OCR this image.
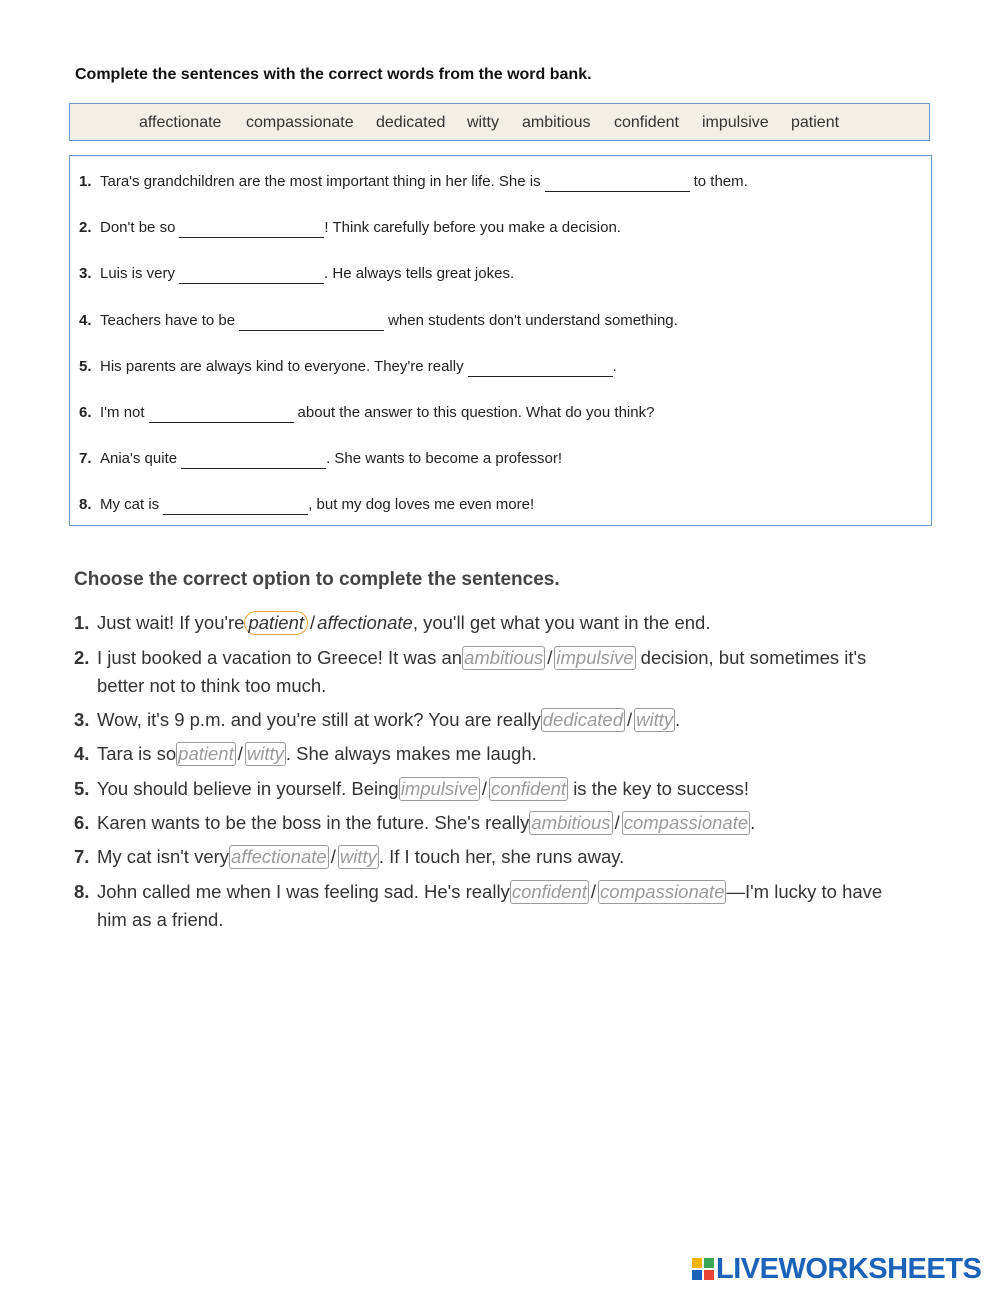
Complete the sentences with the correct words from the word bank.
affectionate compassionate dedicated witty ambitious confident impulsive patient
1. Tara's grandchildren are the most important thing in her life. She is	to them.
2. Don't be so	! Think carefully before you make a decision.
3. Luis is very	. He always tells great jokes.
4. Teachers have to be	when students don't understand something.
5. His parents are always kind to everyone. They're really	.
6. I'm not	about the answer to this question. What do you think?
7. Ania's quite	. She wants to become a professor!
8. My cat is	, but my dog loves me even more!
Choose the correct option to complete the sentences.
1. Just wait! If you're patient / affectionate, you'll get what you want in the end.
2. I just booked a vacation to Greece! It was an ambitious / impulsive decision, but sometimes it's
better not to think too much.
3. Wow, it's 9 p.m. and you're still at work? You are really dedicated / witty .
4. Tara is so patient / witty . She always makes me laugh.
5. You should believe in yourself. Being impulsive / confident is the key to success!
6. Karen wants to be the boss in the future. She's really ambitious / compassionate .
7. My cat isn't very affectionate / witty . If I touch her, she runs away.
8. John called me when I was feeling sad. He's really confident / compassionate —I'm lucky to have
him as a friend.
LIVEWORKSHEETS
